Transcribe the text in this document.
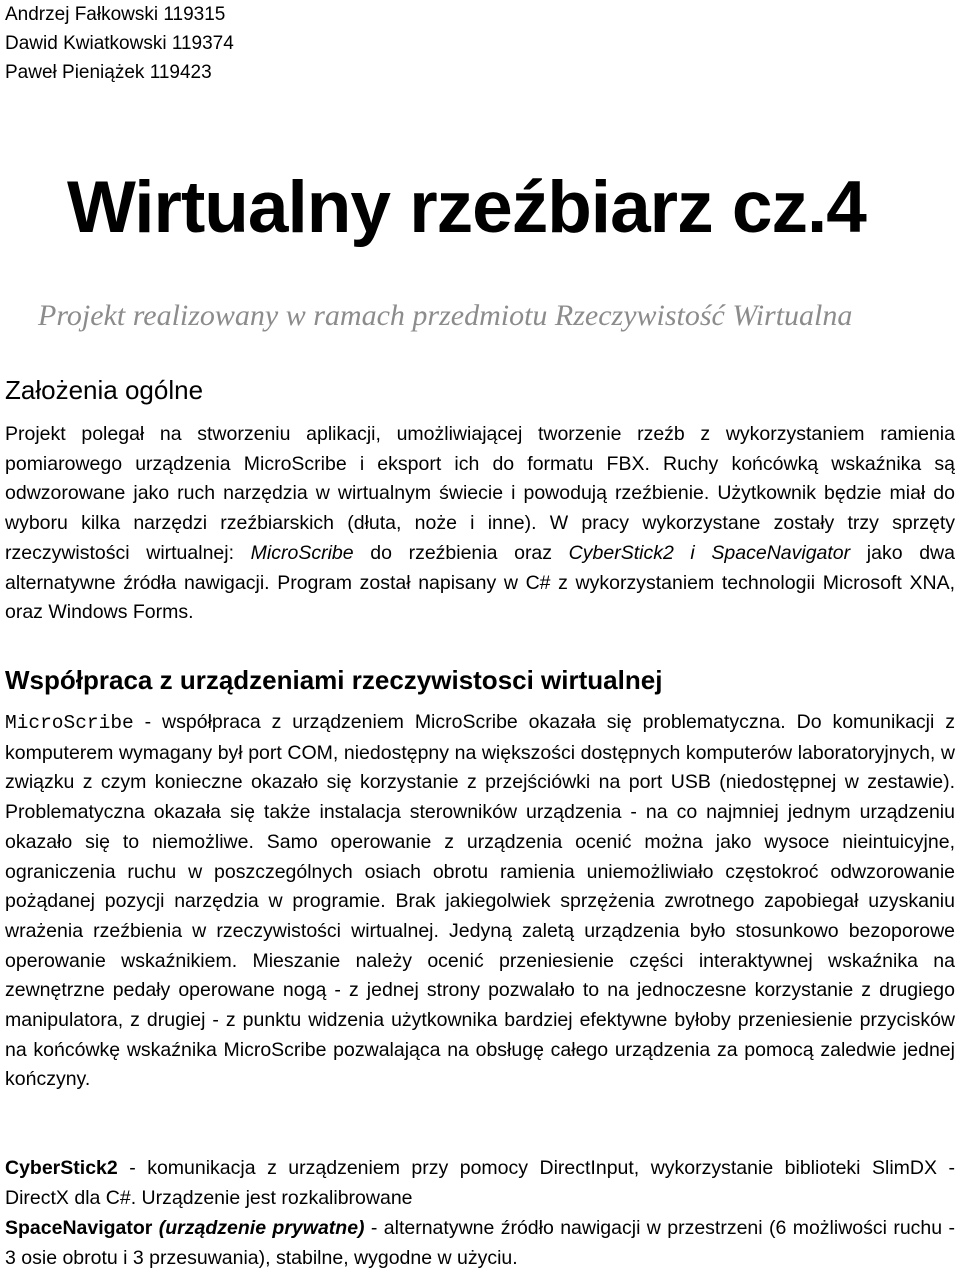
Andrzej Fałkowski 119315
Dawid Kwiatkowski 119374
Paweł Pieniążek 119423
Wirtualny rzeźbiarz cz.4

Projekt realizowany w ramach przedmiotu Rzeczywistość Wirtualna

Założenia ogólne

Projekt polegał na stworzeniu aplikacji, umożliwiającej tworzenie rzeźb z wykorzystaniem ramienia pomiarowego urządzenia MicroScribe i eksport ich do formatu FBX. Ruchy końcówką wskaźnika są odwzorowane jako ruch narzędzia w wirtualnym świecie i powodują rzeźbienie. Użytkownik będzie miał do wyboru kilka narzędzi rzeźbiarskich (dłuta, noże i inne). W pracy wykorzystane zostały trzy sprzęty rzeczywistości wirtualnej: MicroScribe do rzeźbienia oraz CyberStick2 i SpaceNavigator jako dwa alternatywne źródła nawigacji. Program został napisany w C# z wykorzystaniem technologii Microsoft XNA, oraz Windows Forms.

Współpraca z urządzeniami rzeczywistosci wirtualnej

MicroScribe - współpraca z urządzeniem MicroScribe okazała się problematyczna. Do komunikacji z komputerem wymagany był port COM, niedostępny na większości dostępnych komputerów laboratoryjnych, w związku z czym konieczne okazało się korzystanie z przejściówki na port USB (niedostępnej w zestawie). Problematyczna okazała się także instalacja sterowników urządzenia - na co najmniej jednym urządzeniu okazało się to niemożliwe. Samo operowanie z urządzenia ocenić można jako wysoce nieintuicyjne, ograniczenia ruchu w poszczególnych osiach obrotu ramienia uniemożliwiało częstokroć odwzorowanie pożądanej pozycji narzędzia w programie. Brak jakiegolwiek sprzężenia zwrotnego zapobiegał uzyskaniu wrażenia rzeźbienia w rzeczywistości wirtualnej. Jedyną zaletą urządzenia było stosunkowo bezoporowe operowanie wskaźnikiem. Mieszanie należy ocenić przeniesienie części interaktywnej wskaźnika na zewnętrzne pedały operowane nogą - z jednej strony pozwalało to na jednoczesne korzystanie z drugiego manipulatora, z drugiej - z punktu widzenia użytkownika bardziej efektywne byłoby przeniesienie przycisków na końcówkę wskaźnika MicroScribe pozwalająca na obsługę całego urządzenia za pomocą zaledwie jednej kończyny.

CyberStick2 - komunikacja z urządzeniem przy pomocy DirectInput, wykorzystanie biblioteki SlimDX - DirectX dla C#. Urządzenie jest rozkalibrowane

SpaceNavigator (urządzenie prywatne) - alternatywne źródło nawigacji w przestrzeni (6 możliwości ruchu - 3 osie obrotu i 3 przesuwania), stabilne, wygodne w użyciu.
